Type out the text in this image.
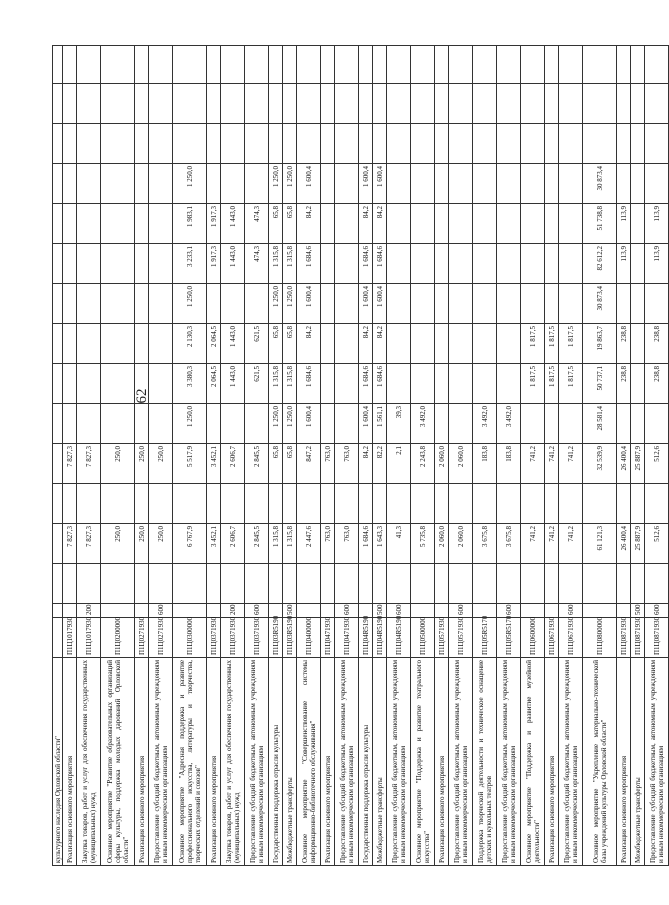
62
культурного наследия Орловской области"																
Реализация основного мероприятия	П1Ц1017930			7 827,3		7 827,3										
Закупка товаров, работ и услуг для обеспечения государственных (муниципальных) нужд	П1Ц1017930	200		7 827,3		7 827,3										
Основное мероприятие "Развитие образовательных организаций сферы культуры, поддержка молодых дарований Орловской области"	П1Ц0200000			250,0		250,0										
Реализация основного мероприятия	П1Ц0271930			250,0		250,0										
Предоставление субсидий бюджетным, автономным учреждениям и иным некоммерческим организациям	П1Ц0271930	600		250,0		250,0										
Основное мероприятие "Адресная поддержка и развитие профессионального искусства, литературы и творчества, творческих отделений и союзов"	П1Ц0300000			6 767,9		5 517,9	1 250,0	3 380,3	2 130,3	1 250,0	3 233,1	1 983,1	1 250,0			
Реализация основного мероприятия	П1Ц0371930			3 452,1		3 452,1		2 064,5	2 064,5		1 917,3	1 917,3				
Закупка товаров, работ и услуг для обеспечения государственных (муниципальных) нужд	П1Ц0371930	200		2 606,7		2 606,7		1 443,0	1 443,0		1 443,0	1 443,0				
Предоставление субсидий бюджетным, автономным учреждениям и иным некоммерческим организациям	П1Ц0371930	600		2 845,5		2 845,5		621,5	621,5		474,3	474,3				
Государственная поддержка отрасли культуры	П1Ц03R5190			1 315,8		65,8	1 250,0	1 315,8	65,8	1 250,0	1 315,8	65,8	1 250,0			
Межбюджетные трансферты	П1Ц03R5190	500		1 315,8		65,8	1 250,0	1 315,8	65,8	1 250,0	1 315,8	65,8	1 250,0			
Основное мероприятие "Совершенствование системы информационно-библиотечного обслуживания"	П1Ц0400000			2 447,6		847,2	1 600,4	1 684,6	84,2	1 600,4	1 684,6	84,2	1 600,4			
Реализация основного мероприятия	П1Ц0471930			763,0		763,0										
Предоставление субсидий бюджетным, автономным учреждениям и иным некоммерческим организациям	П1Ц0471930	600		763,0		763,0										
Государственная поддержка отрасли культуры	П1Ц04R5190			1 684,6		84,2	1 600,4	1 684,6	84,2	1 600,4	1 684,6	84,2	1 600,4			
Межбюджетные трансферты	П1Ц04R5190	500		1 643,3		82,2	1 561,1	1 684,6	84,2	1 600,4	1 684,6	84,2	1 600,4			
Предоставление субсидий бюджетным, автономным учреждениям и иным некоммерческим организациям	П1Ц04R5190	600		41,3		2,1	39,3									
Основное мероприятие "Поддержка и развитие театрального искусства"	П1Ц0500000			5 735,8		2 243,8	3 492,0									
Реализация основного мероприятия	П1Ц0571930			2 060,0		2 060,0										
Предоставление субсидий бюджетным, автономным учреждениям и иным некоммерческим организациям	П1Ц0571930	600		2 060,0		2 060,0										
Поддержка творческой деятельности и техническое оснащение детских и кукольных театров	П1Ц05R5170			3 675,8		183,8	3 492,0									
Предоставление субсидий бюджетным, автономным учреждениям и иным некоммерческим организациям	П1Ц05R5170	600		3 675,8		183,8	3 492,0									
Основное мероприятие "Поддержка и развитие музейной деятельности"	П1Ц0600000			741,2		741,2		1 817,5	1 817,5							
Реализация основного мероприятия	П1Ц0671930			741,2		741,2		1 817,5	1 817,5							
Предоставление субсидий бюджетным, автономным учреждениям и иным некоммерческим организациям	П1Ц0671930	600		741,2		741,2		1 817,5	1 817,5							
Основное мероприятие "Укрепление материально-технической базы учреждений культуры Орловской области"	П1Ц0800000			61 121,3		32 539,9	28 581,4	50 737,1	19 863,7	30 873,4	82 612,2	51 738,8	30 873,4			
Реализация основного мероприятия	П1Ц0871930			26 400,4		26 400,4		238,8	238,8		113,9	113,9				
Межбюджетные трансферты	П1Ц0871930	500		25 887,9		25 887,9										
Предоставление субсидий бюджетным, автономным учреждениям и иным некоммерческим организациям	П1Ц0871930	600		512,6		512,6		238,8	238,8		113,9	113,9				
